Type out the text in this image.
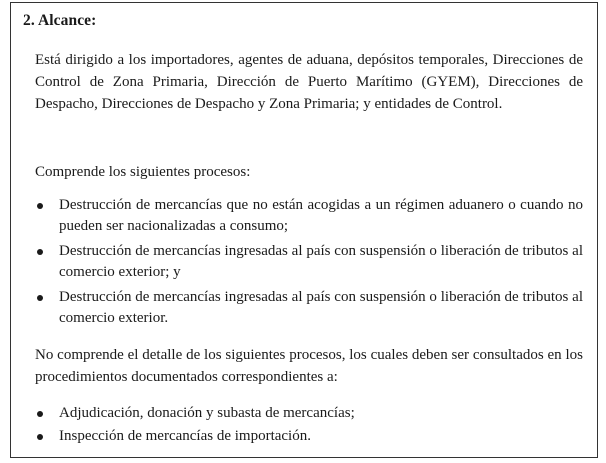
2. Alcance:
Está dirigido a los importadores, agentes de aduana, depósitos temporales, Direcciones de Control de Zona Primaria, Dirección de Puerto Marítimo (GYEM), Direcciones de Despacho, Direcciones de Despacho y Zona Primaria; y entidades de Control.
Comprende los siguientes procesos:
Destrucción de mercancías que no están acogidas a un régimen aduanero o cuando no pueden ser nacionalizadas a consumo;
Destrucción de mercancías ingresadas al país con suspensión o liberación de tributos al comercio exterior; y
Destrucción de mercancías ingresadas al país con suspensión o liberación de tributos al comercio exterior.
No comprende el detalle de los siguientes procesos, los cuales deben ser consultados en los procedimientos documentados correspondientes a:
Adjudicación, donación y subasta de mercancías;
Inspección de mercancías de importación.
